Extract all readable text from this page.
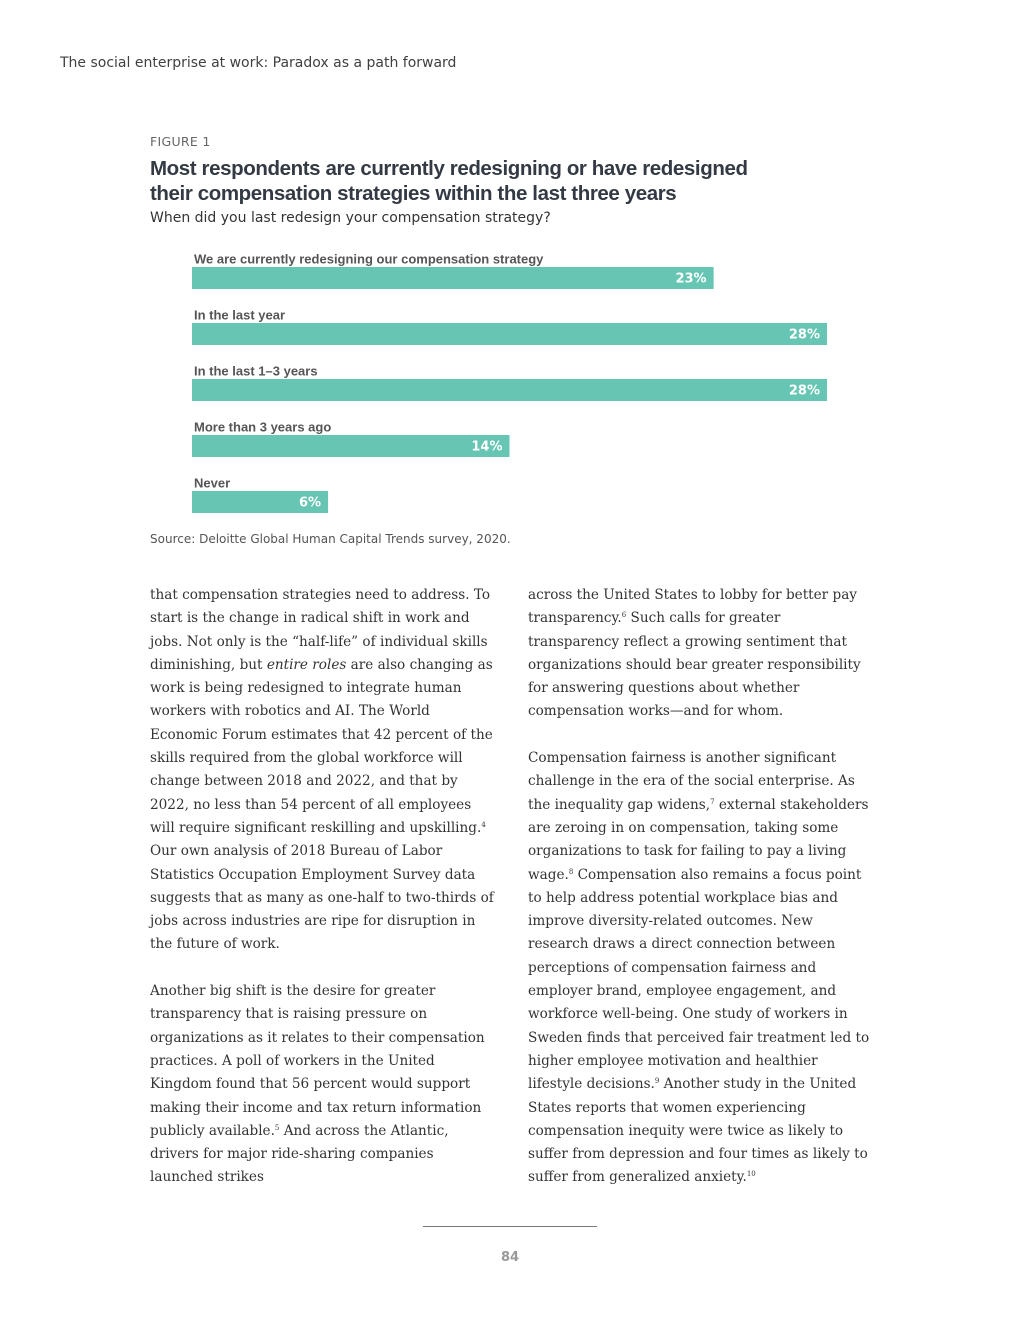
The social enterprise at work: Paradox as a path forward
FIGURE 1
Most respondents are currently redesigning or have redesigned their compensation strategies within the last three years
When did you last redesign your compensation strategy?
We are currently redesigning our compensation strategy
23%
In the last year
28%
In the last 1–3 years
28%
More than 3 years ago
14%
Never
6%
Source: Deloitte Global Human Capital Trends survey, 2020.

that compensation strategies need to address. To start is the change in radical shift in work and jobs. Not only is the “half-life” of individual skills diminishing, but entire roles are also changing as work is being redesigned to integrate human workers with robotics and AI. The World Economic Forum estimates that 42 percent of the skills required from the global workforce will change between 2018 and 2022, and that by 2022, no less than 54 percent of all employees will require significant reskilling and upskilling.$^4$ Our own analysis of 2018 Bureau of Labor Statistics Occupation Employment Survey data suggests that as many as one-half to two-thirds of jobs across industries are ripe for disruption in the future of work.

Another big shift is the desire for greater transparency that is raising pressure on organizations as it relates to their compensation practices. A poll of workers in the United Kingdom found that 56 percent would support making their income and tax return information publicly available.$^5$ And across the Atlantic, drivers for major ride-sharing companies launched strikes

across the United States to lobby for better pay transparency.$^6$ Such calls for greater transparency reflect a growing sentiment that organizations should bear greater responsibility for answering questions about whether compensation works—and for whom.

Compensation fairness is another significant challenge in the era of the social enterprise. As the inequality gap widens,$^7$ external stakeholders are zeroing in on compensation, taking some organizations to task for failing to pay a living wage.$^8$ Compensation also remains a focus point to help address potential workplace bias and improve diversity-related outcomes. New research draws a direct connection between perceptions of compensation fairness and employer brand, employee engagement, and workforce well-being. One study of workers in Sweden finds that perceived fair treatment led to higher employee motivation and healthier lifestyle decisions.$^9$ Another study in the United States reports that women experiencing compensation inequity were twice as likely to suffer from depression and four times as likely to suffer from generalized anxiety.$^{10}$

84
